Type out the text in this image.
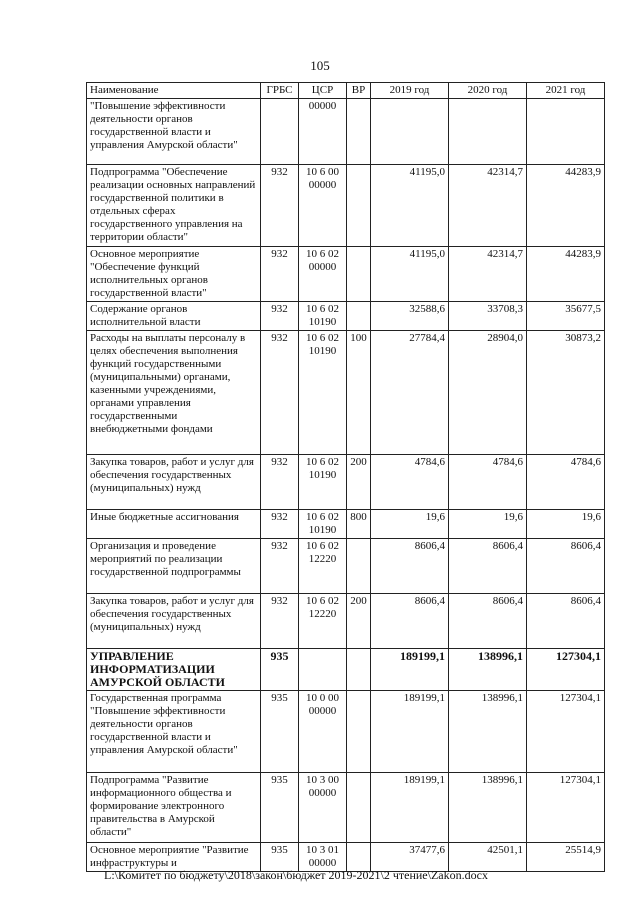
105
Наименование	ГРБС	ЦСР	ВР	2019 год	2020 год	2021 год
"Повышение эффективности деятельности органов государственной власти и управления Амурской области"		00000				
Подпрограмма "Обеспечение реализации основных направлений государственной политики в отдельных сферах государственного управления на территории области"	932	10 6 00 00000		41195,0	42314,7	44283,9
Основное мероприятие "Обеспечение функций исполнительных органов государственной власти"	932	10 6 02 00000		41195,0	42314,7	44283,9
Содержание органов исполнительной власти	932	10 6 02 10190		32588,6	33708,3	35677,5
Расходы на выплаты персоналу в целях обеспечения выполнения функций государственными (муниципальными) органами, казенными учреждениями, органами управления государственными внебюджетными фондами	932	10 6 02 10190	100	27784,4	28904,0	30873,2
Закупка товаров, работ и услуг для обеспечения государственных (муниципальных) нужд	932	10 6 02 10190	200	4784,6	4784,6	4784,6
Иные бюджетные ассигнования	932	10 6 02 10190	800	19,6	19,6	19,6
Организация и проведение мероприятий по реализации государственной подпрограммы	932	10 6 02 12220		8606,4	8606,4	8606,4
Закупка товаров, работ и услуг для обеспечения государственных (муниципальных) нужд	932	10 6 02 12220	200	8606,4	8606,4	8606,4
УПРАВЛЕНИЕ ИНФОРМАТИЗАЦИИ АМУРСКОЙ ОБЛАСТИ	935			189199,1	138996,1	127304,1
Государственная программа "Повышение эффективности деятельности органов государственной власти и управления Амурской области"	935	10 0 00 00000		189199,1	138996,1	127304,1
Подпрограмма "Развитие информационного общества и формирование электронного правительства в Амурской области"	935	10 3 00 00000		189199,1	138996,1	127304,1
Основное мероприятие "Развитие инфраструктуры и	935	10 3 01 00000		37477,6	42501,1	25514,9
L:\Комитет по бюджету\2018\закон\бюджет 2019-2021\2 чтение\Zakon.docx
